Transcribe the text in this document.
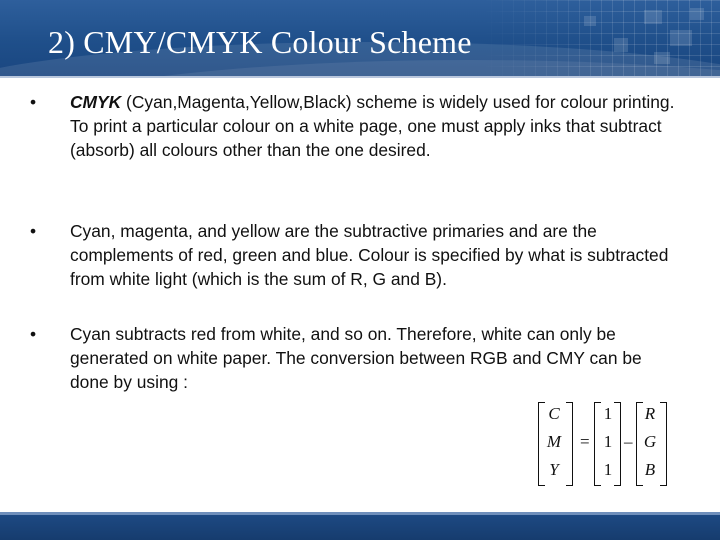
2) CMY/CMYK Colour Scheme
• CMYK (Cyan,Magenta,Yellow,Black) scheme is widely used for colour printing. To print a particular colour on a white page, one must apply inks that subtract (absorb) all colours other than the one desired.
• Cyan, magenta, and yellow are the subtractive primaries and are the complements of red, green and blue. Colour is specified by what is subtracted from white light (which is the sum of R, G and B).
• Cyan subtracts red from white, and so on. Therefore, white can only be generated on white paper. The conversion between RGB and CMY can be done by using :
C
M
Y
=
1
1
1
–
R
G
B
